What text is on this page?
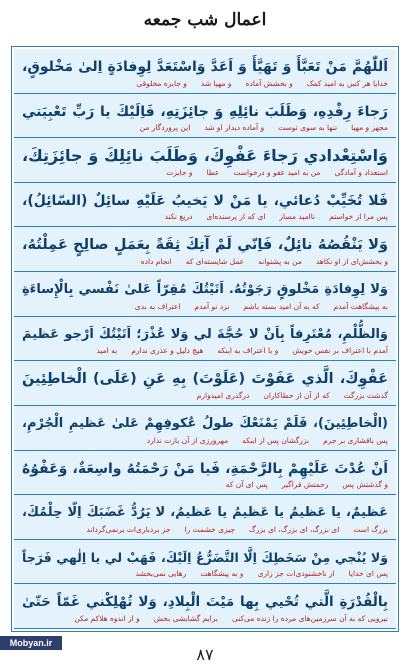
اعمال شب جمعه
اَللّٰهُمَّ مَنْ تَعَبَّأَ وَ تَهَيَّأَ وَ اَعَدَّ وَاسْتَعَدَّ لِوِفادَةٍ اِلىٰ مَخْلوقٍ،
خدایا هر کس به امید کمکو بخشش آمادهو مهیا شدو جایزه مخلوقی
رَجاءَ رِفْدِهِ، وَطَلَبَ نائِلِهِ وَ جائِزَتِهِ، فَاِلَيْكَ يا رَبِّ تَعْبِيَتي
مجهز و مهیاتنها به سوی توستو آماده دیدار او شداین پروردگار من
وَاسْتِعْدادي رَجاءَ عَفْوِكَ، وَطَلَبَ نائِلِكَ وَ جائِزَتِكَ،
استعداد و آمادگیمن به امید عفو و درخواستعطاو جایزت
فَلا تُخَيِّبْ دُعائي، يا مَنْ لا يَخيبُ عَلَيْهِ سائِلٌ (السّائِلُ)،
پس مرا از خواستمناامید مسازای که از پرسنده‌ایدریغ نکند
وَلا يَنْقُصُهُ نائِلٌ، فَاِنّي لَمْ آتِكَ ثِقَةً بِعَمَلٍ صالِحٍ عَمِلْتُهُ،
و بخشش‌ای از او نکاهدمن به پشتوانهعمل شایسته‌ای کهانجام داده
وَلا لِوِفادَةِ مَخْلوقٍ رَجَوْتُهُ. اَتَيْتُكَ مُقِرّاً عَلىٰ نَفْسي بِالْإِساءَةِ
به پیشگاهت آمدمکه به آن امید بسته باشمنزد تو آمدماعتراف به بدی
وَالظُّلْمِ، مُعْتَرِفاً بِاَنْ لا حُجَّةَ لي وَلا عُذْرَ؛ اَتَيْتُكَ اَرْجو عَظيمَ
آمدم با اعتراف بر نفس خویشو با اعتراف به اینکههیچ دلیل و عذری ندارمبه امید
عَفْوِكَ، الَّذي عَفَوْتَ (عَلَوْتَ) بِهِ عَنِ (عَلَى) الْخاطِئِينَ
گذشت بزرگتکه از آن از خطاکاراندرگذری امیدوارم
(الْخاطِئِينَ)، فَلَمْ يَمْنَعْكَ طولُ عُكوفِهِمْ عَلىٰ عَظيمِ الْجُرْمِ،
پس باقشاری بر جرمبزرگشان پس از اینکهمهرورزی از آن بازت ندارد
اَنْ عُدْتَ عَلَيْهِمْ بِالرَّحْمَةِ، فَيا مَنْ رَحْمَتُهُ واسِعَةٌ، وَعَفْوُهُ
و گذشتش پسرحمتش فراگیرپس ای آن که
عَظيمٌ، يا عَظيمُ يا عَظيمُ يا عَظيمُ، لا يَرُدُّ غَضَبَكَ اِلّا حِلْمُكَ،
بزرگ استای بزرگ، ای بزرگ، ای بزرگچیزی خشمت راجز بردباری‌ات برنمی‌گرداند
وَلا يُنْجي مِنْ سَخَطِكَ اِلَّا التَّضَرُّعُ اِلَيْكَ، فَهَبْ لي يا اِلٰهي فَرَجاً
پس ای خدایااز ناخشنودی‌ات جز زاریو به پیشگاهترهایی نمی‌بخشد
بِالْقُدْرَةِ الَّتي تُحْيي بِها مَيْتَ الْبِلادِ، وَلا تُهْلِكْني غَمّاً حَتّىٰ
نیرویی که به آن سرزمین‌های مرده را زنده می‌کنیبرایم گشایشی بخشو از اندوه هلاکم مکن
Mobyan.ir
۸۷
